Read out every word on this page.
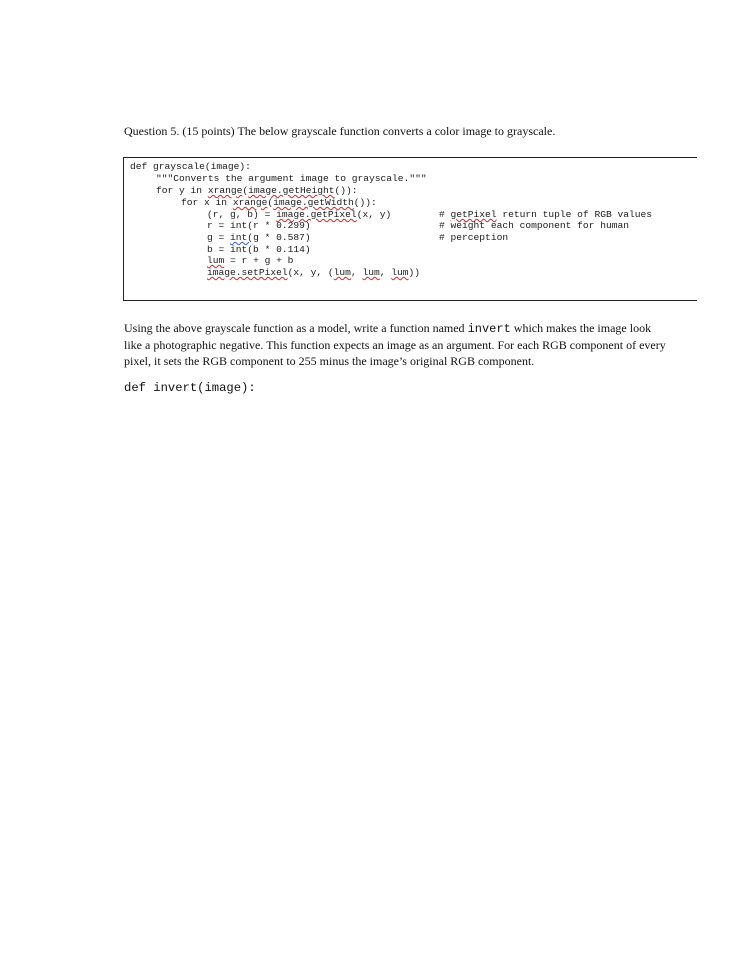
Question 5. (15 points) The below grayscale function converts a color image to grayscale.

def grayscale(image):
"""Converts the argument image to grayscale."""
for y in xrange(image.getHeight()):
for x in xrange(image.getWidth()):
(r, g, b) = image.getPixel(x, y)	# getPixel return tuple of RGB values
r = int(r * 0.299)	# weight each component for human
g = int(g * 0.587)	# perception
b = int(b * 0.114)
lum = r + g + b
image.setPixel(x, y, (lum, lum, lum))

Using the above grayscale function as a model, write a function named invert which makes the image look like a photographic negative. This function expects an image as an argument. For each RGB component of every pixel, it sets the RGB component to 255 minus the image’s original RGB component.

def invert(image):
